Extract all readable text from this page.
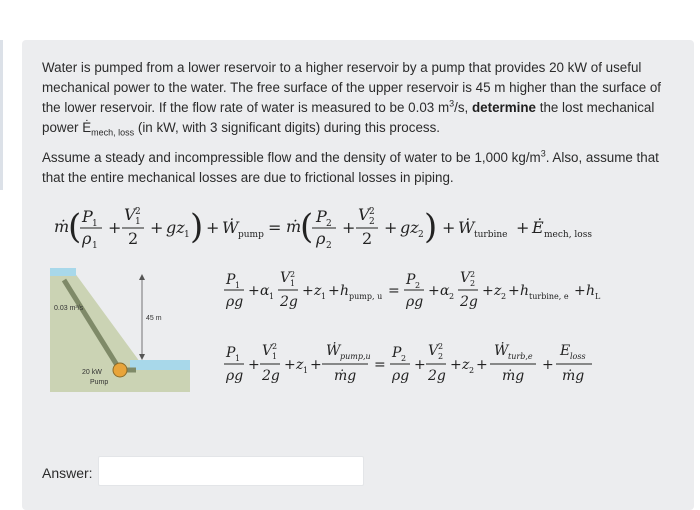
Water is pumped from a lower reservoir to a higher reservoir by a pump that provides 20 kW of useful mechanical power to the water. The free surface of the upper reservoir is 45 m higher than the surface of the lower reservoir. If the flow rate of water is measured to be 0.03 $m^3/s$, determine the lost mechanical power $Ė_{mech, loss}$ (in kW, with 3 significant digits) during this process.

Assume a steady and incompressible flow and the density of water to be 1,000 $kg/m^3$. Also, assume that that the entire mechanical losses are due to frictional losses in piping.

ṁ
( P 1
ρ 1
+
V 2
1
2
+ gz 1 ) + Ẇ pump = ṁ
( P 2
ρ 2
+
V 2
2
2
+ gz 2 ) + Ẇ turbine + Ė mech, loss
P 1
ρg
+ α 1
V 2
1
2g
+ z 1 + h pump, u =
P 2
ρg
+ α 2
V 2
2
2g
+ z 2 + h turbine, e + h L
P 1
ρg
+
V 2
1
2g
+ z 1 +
Ẇ pump,u
ṁg
=
P 2
ρg
+
V 2
2
2g
+ z 2 +
Ẇ turb,e
ṁg
+
E loss
ṁg
0.03 m³/s
45 m
20 kW
Pump
Answer:
